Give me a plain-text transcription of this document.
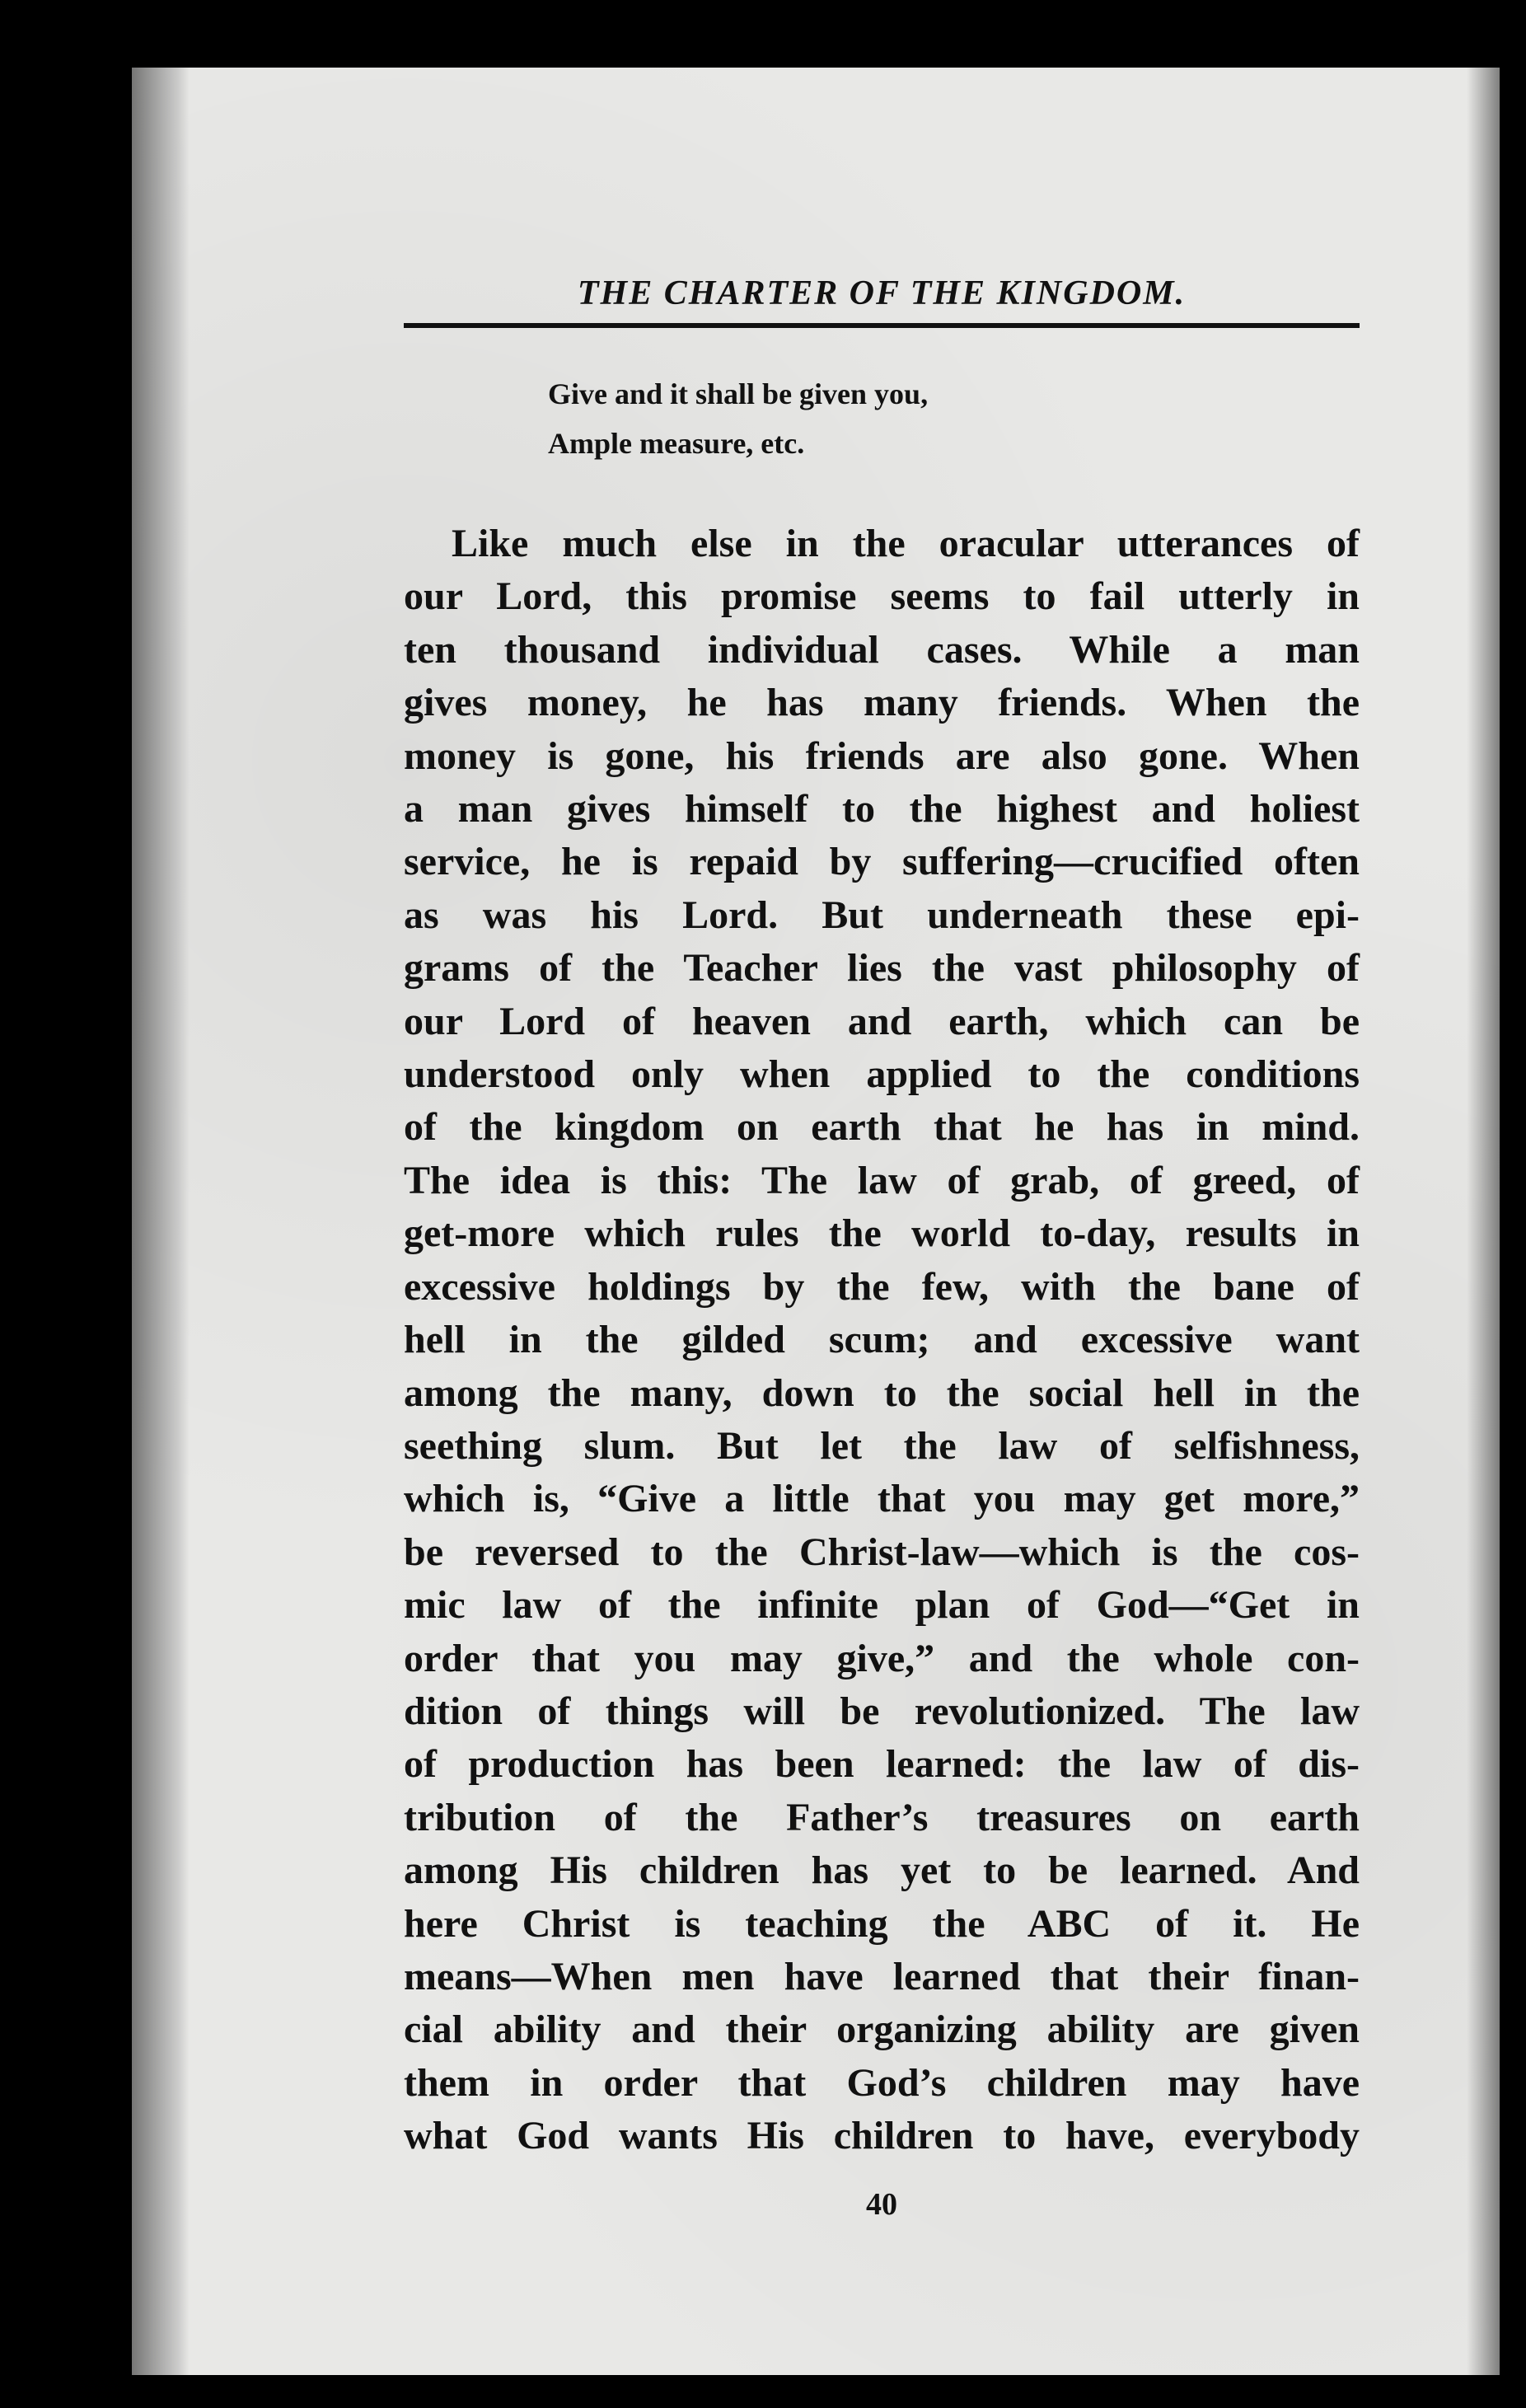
THE CHARTER OF THE KINGDOM.
Give and it shall be given you,
Ample measure, etc.
Like much else in the oracular utterances of
our Lord, this promise seems to fail utterly in
ten thousand individual cases. While a man
gives money, he has many friends. When the
money is gone, his friends are also gone. When
a man gives himself to the highest and holiest
service, he is repaid by suffering—crucified often
as was his Lord. But underneath these epi-
grams of the Teacher lies the vast philosophy of
our Lord of heaven and earth, which can be
understood only when applied to the conditions
of the kingdom on earth that he has in mind.
The idea is this: The law of grab, of greed, of
get-more which rules the world to-day, results in
excessive holdings by the few, with the bane of
hell in the gilded scum; and excessive want
among the many, down to the social hell in the
seething slum. But let the law of selfishness,
which is, “Give a little that you may get more,”
be reversed to the Christ-law—which is the cos-
mic law of the infinite plan of God—“Get in
order that you may give,” and the whole con-
dition of things will be revolutionized. The law
of production has been learned: the law of dis-
tribution of the Father’s treasures on earth
among His children has yet to be learned. And
here Christ is teaching the ABC of it. He
means—When men have learned that their finan-
cial ability and their organizing ability are given
them in order that God’s children may have
what God wants His children to have, everybody
40
